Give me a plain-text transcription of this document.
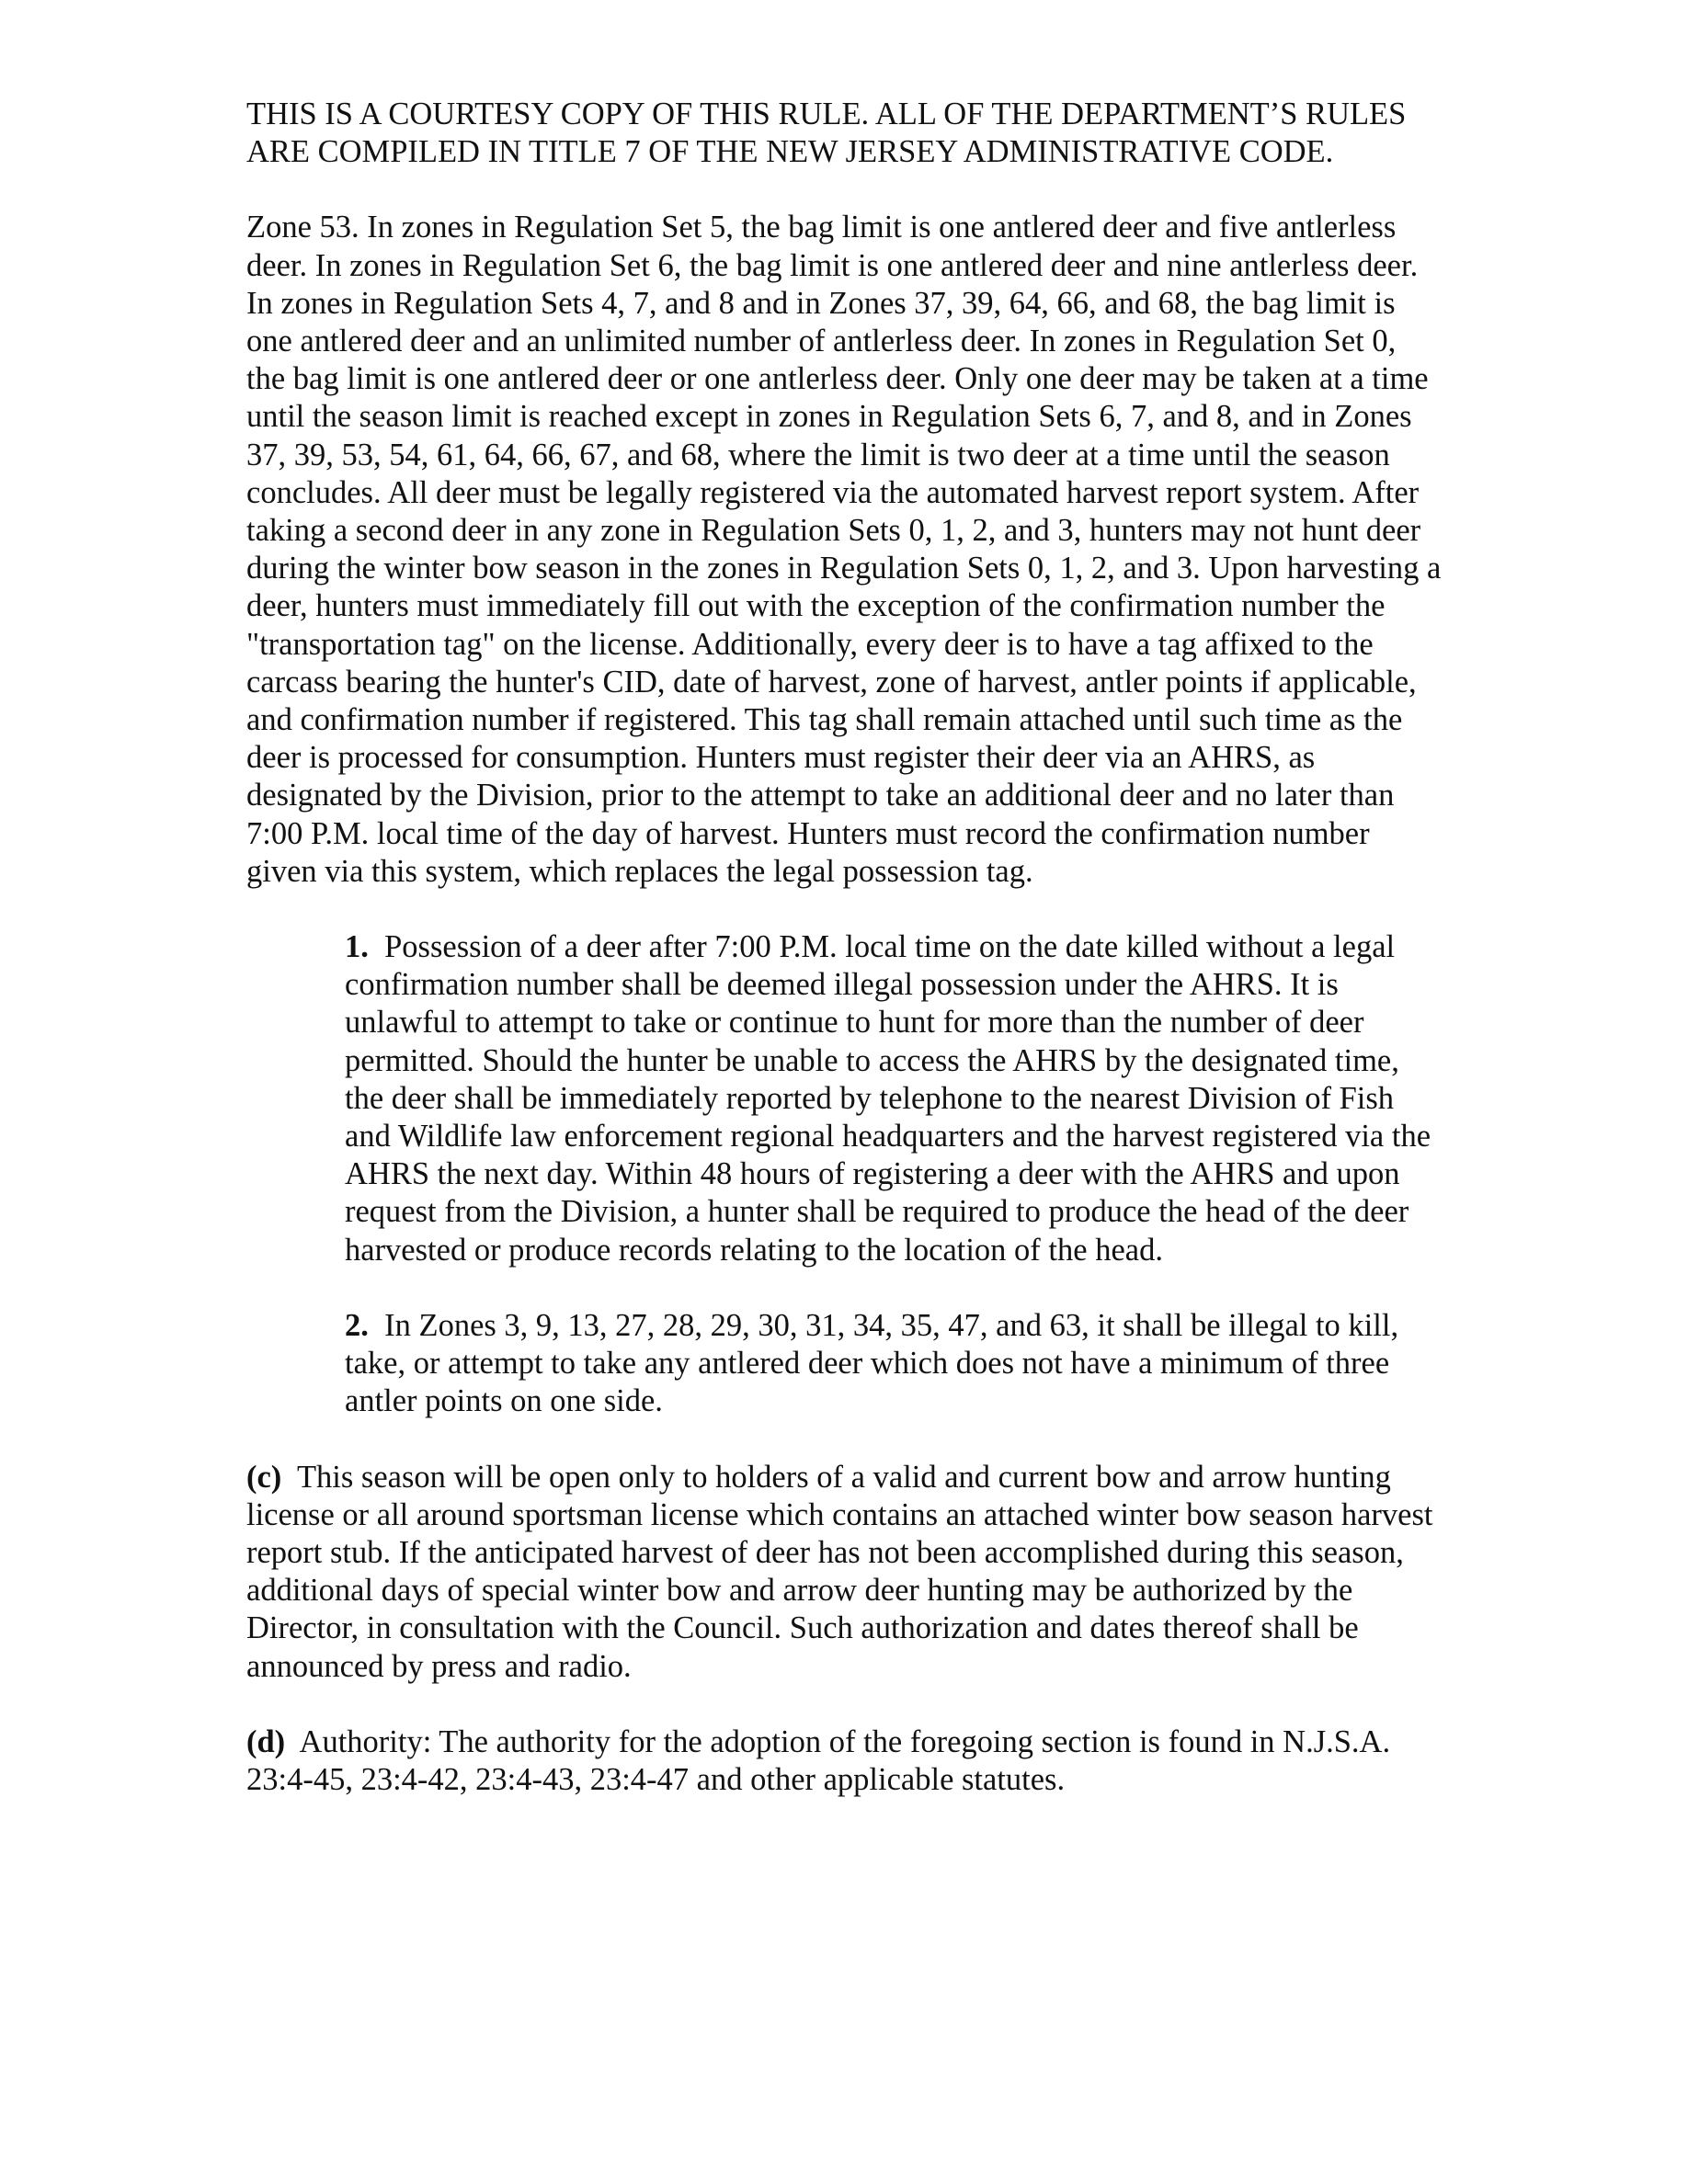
THIS IS A COURTESY COPY OF THIS RULE. ALL OF THE DEPARTMENT’S RULES ARE COMPILED IN TITLE 7 OF THE NEW JERSEY ADMINISTRATIVE CODE.

Zone 53. In zones in Regulation Set 5, the bag limit is one antlered deer and five antlerless deer. In zones in Regulation Set 6, the bag limit is one antlered deer and nine antlerless deer. In zones in Regulation Sets 4, 7, and 8 and in Zones 37, 39, 64, 66, and 68, the bag limit is one antlered deer and an unlimited number of antlerless deer. In zones in Regulation Set 0, the bag limit is one antlered deer or one antlerless deer. Only one deer may be taken at a time until the season limit is reached except in zones in Regulation Sets 6, 7, and 8, and in Zones 37, 39, 53, 54, 61, 64, 66, 67, and 68, where the limit is two deer at a time until the season concludes. All deer must be legally registered via the automated harvest report system. After taking a second deer in any zone in Regulation Sets 0, 1, 2, and 3, hunters may not hunt deer during the winter bow season in the zones in Regulation Sets 0, 1, 2, and 3. Upon harvesting a deer, hunters must immediately fill out with the exception of the confirmation number the "transportation tag" on the license. Additionally, every deer is to have a tag affixed to the carcass bearing the hunter's CID, date of harvest, zone of harvest, antler points if applicable, and confirmation number if registered. This tag shall remain attached until such time as the deer is processed for consumption. Hunters must register their deer via an AHRS, as designated by the Division, prior to the attempt to take an additional deer and no later than 7:00 P.M. local time of the day of harvest. Hunters must record the confirmation number given via this system, which replaces the legal possession tag.

1. Possession of a deer after 7:00 P.M. local time on the date killed without a legal confirmation number shall be deemed illegal possession under the AHRS. It is unlawful to attempt to take or continue to hunt for more than the number of deer permitted. Should the hunter be unable to access the AHRS by the designated time, the deer shall be immediately reported by telephone to the nearest Division of Fish and Wildlife law enforcement regional headquarters and the harvest registered via the AHRS the next day. Within 48 hours of registering a deer with the AHRS and upon request from the Division, a hunter shall be required to produce the head of the deer harvested or produce records relating to the location of the head.

2. In Zones 3, 9, 13, 27, 28, 29, 30, 31, 34, 35, 47, and 63, it shall be illegal to kill, take, or attempt to take any antlered deer which does not have a minimum of three antler points on one side.

(c) This season will be open only to holders of a valid and current bow and arrow hunting license or all around sportsman license which contains an attached winter bow season harvest report stub. If the anticipated harvest of deer has not been accomplished during this season, additional days of special winter bow and arrow deer hunting may be authorized by the Director, in consultation with the Council. Such authorization and dates thereof shall be announced by press and radio.

(d) Authority: The authority for the adoption of the foregoing section is found in N.J.S.A. 23:4-45, 23:4-42, 23:4-43, 23:4-47 and other applicable statutes.
